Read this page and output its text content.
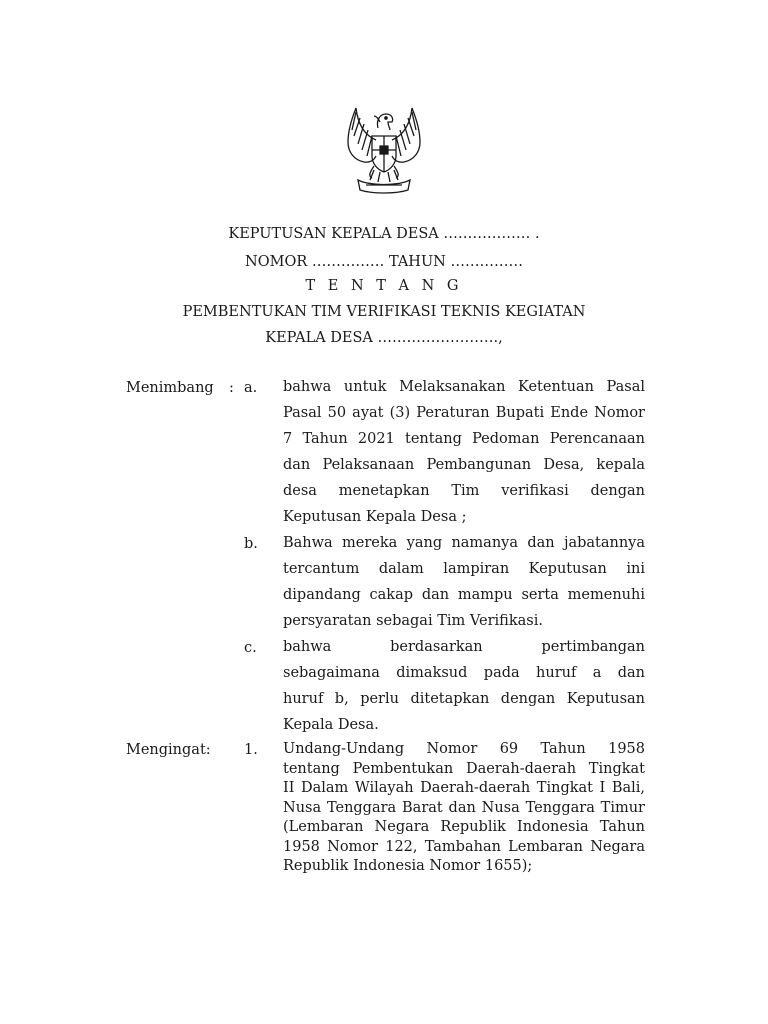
KEPUTUSAN KEPALA DESA ……………… .
NOMOR …………… TAHUN ……………
T E N T A N G
PEMBENTUKAN TIM VERIFIKASI TEKNIS KEGIATAN
KEPALA DESA …………………….,
Menimbang : a. bahwa untuk Melaksanakan Ketentuan Pasal
Pasal 50 ayat (3) Peraturan Bupati Ende Nomor
7 Tahun 2021 tentang Pedoman Perencanaan
dan Pelaksanaan Pembangunan Desa, kepala
desa menetapkan Tim verifikasi dengan
Keputusan Kepala Desa ;
b. Bahwa mereka yang namanya dan jabatannya
tercantum dalam lampiran Keputusan ini
dipandang cakap dan mampu serta memenuhi
persyaratan sebagai Tim Verifikasi.
c. bahwa berdasarkan pertimbangan
sebagaimana dimaksud pada huruf a dan
huruf b, perlu ditetapkan dengan Keputusan
Kepala Desa.
Mengingat: 1. Undang-Undang Nomor 69 Tahun 1958
tentang Pembentukan Daerah-daerah Tingkat
II Dalam Wilayah Daerah-daerah Tingkat I Bali,
Nusa Tenggara Barat dan Nusa Tenggara Timur
(Lembaran Negara Republik Indonesia Tahun
1958 Nomor 122, Tambahan Lembaran Negara
Republik Indonesia Nomor 1655);
